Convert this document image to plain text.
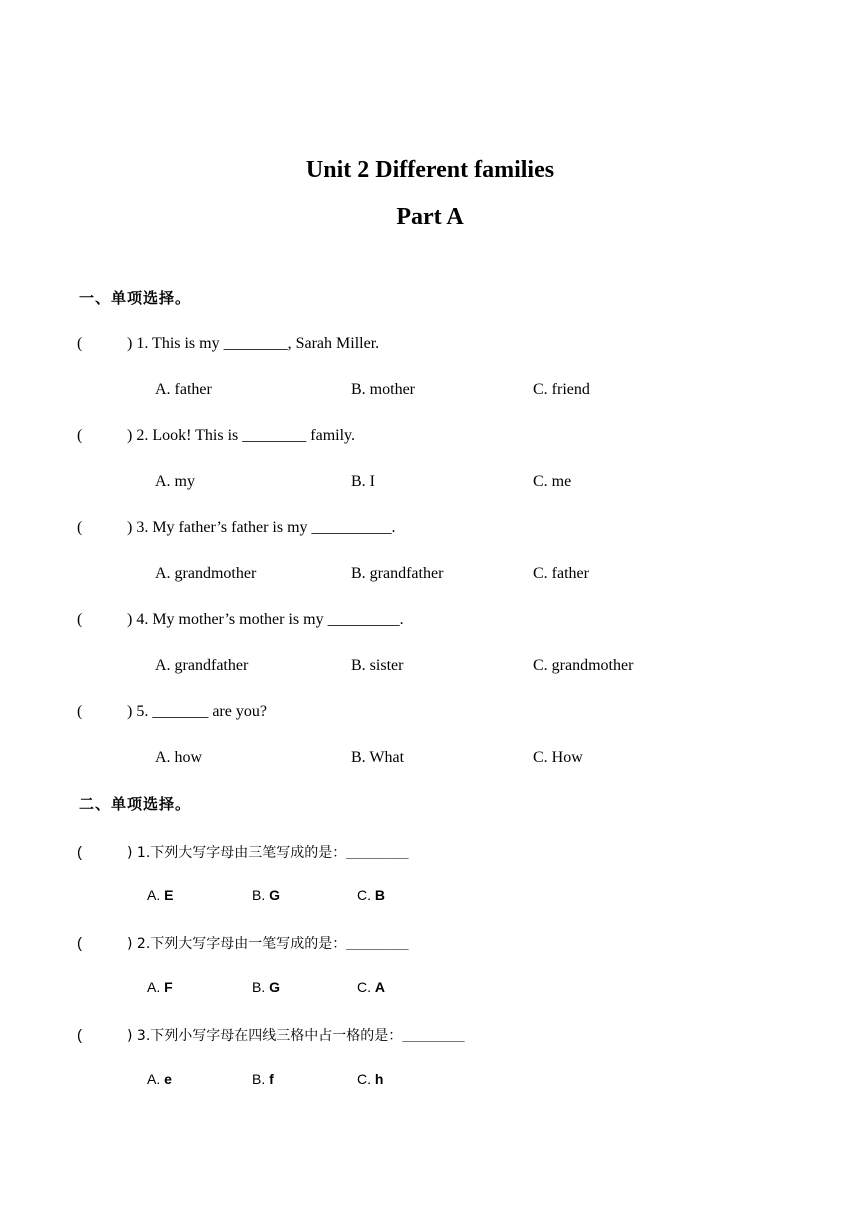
Unit 2 Different families
Part A
一、单项选择。
(	) 1. This is my ________, Sarah Miller.
A. father	B. mother	C. friend
(	) 2. Look! This is ________ family.
A. my	B. I	C. me
(	) 3. My father’s father is my __________.
A. grandmother	B. grandfather	C. father
(	) 4. My mother’s mother is my _________.
A. grandfather	B. sister	C. grandmother
(	) 5. _______ are you?
A. how	B. What	C. How
二、单项选择。
(	) 1.下列大写字母由三笔写成的是：________
A. E	B. G	C. B
(	) 2.下列大写字母由一笔写成的是：________
A. F	B. G	C. A
(	) 3.下列小写字母在四线三格中占一格的是：________
A. e	B. f	C. h
